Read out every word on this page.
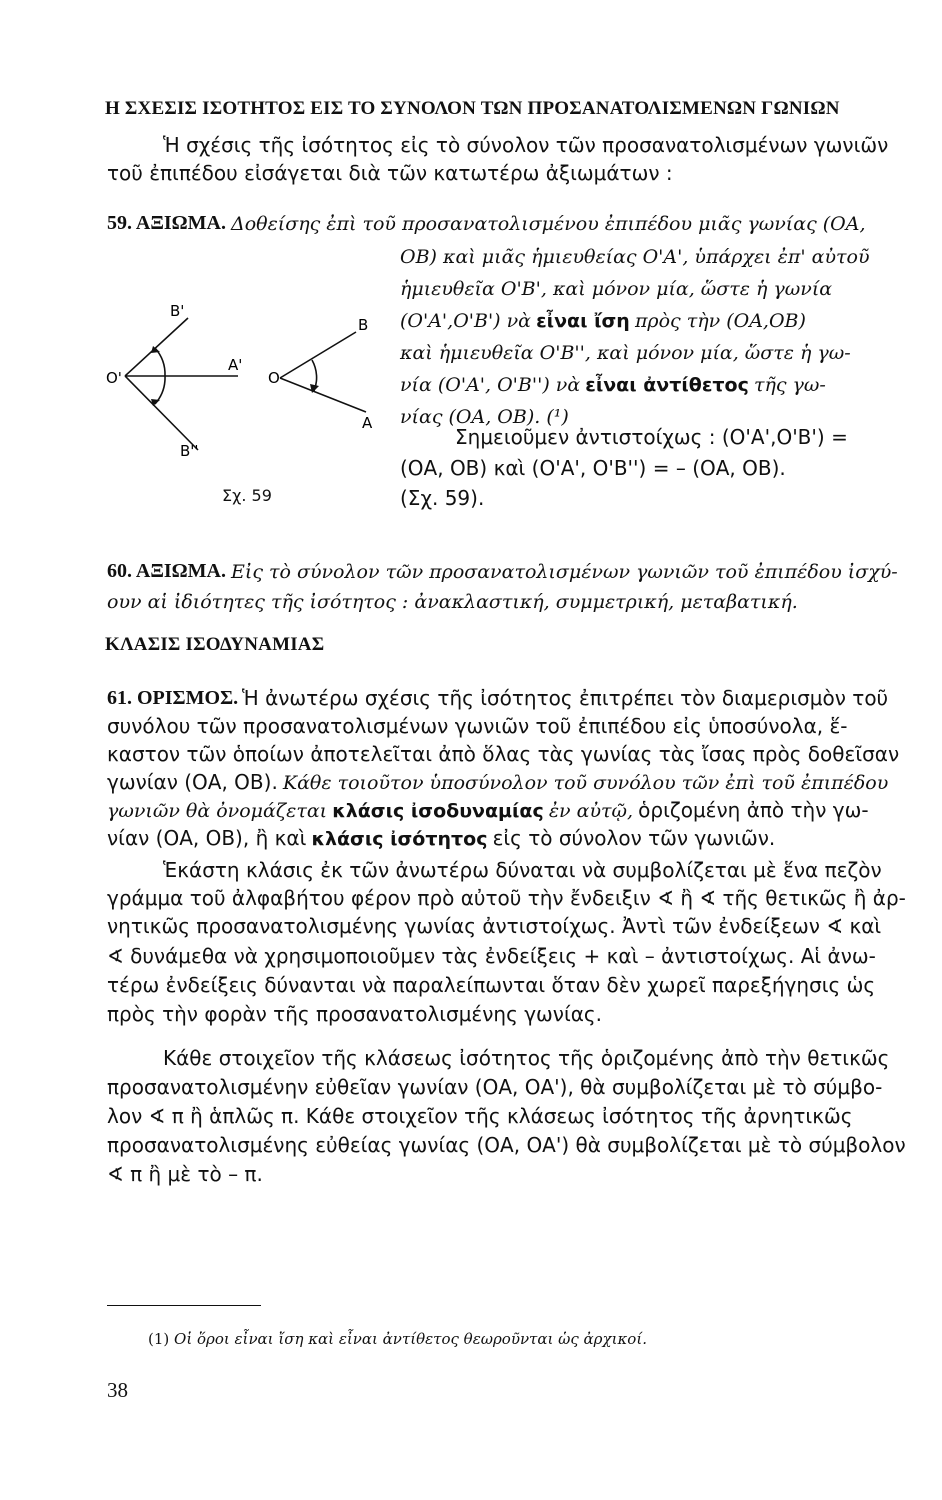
Η ΣΧΕΣΙΣ ΙΣΟΤΗΤΟΣ ΕΙΣ ΤΟ ΣΥΝΟΛΟΝ ΤΩΝ ΠΡΟΣΑΝΑΤΟΛΙΣΜΕΝΩΝ ΓΩΝΙΩΝ
Ἡ σχέσις τῆς ἰσότητος εἰς τὸ σύνολον τῶν προσανατολισμένων γωνιῶν
τοῦ ἐπιπέδου εἰσάγεται διὰ τῶν κατωτέρω ἀξιωμάτων :
59. ΑΞΙΩΜΑ. Δοθείσης ἐπὶ τοῦ προσανατολισμένου ἐπιπέδου μιᾶς γωνίας (ΟΑ,
ΟΒ) καὶ μιᾶς ἡμιευθείας Ο'Α', ὑπάρχει ἐπ' αὐτοῦ
ἡμιευθεῖα Ο'Β', καὶ μόνον μία, ὥστε ἡ γωνία
(Ο'Α',Ο'Β') νὰ εἶναι ἴση πρὸς τὴν (ΟΑ,ΟΒ)
καὶ ἡμιευθεῖα Ο'Β'', καὶ μόνον μία, ὥστε ἡ γω-
νία (Ο'Α', Ο'Β'') νὰ εἶναι ἀντίθετος τῆς γω-
νίας (ΟΑ, ΟΒ). (¹)
Σημειοῦμεν ἀντιστοίχως : (Ο'Α',Ο'Β') =
(ΟΑ, ΟΒ) καὶ (Ο'Α', Ο'Β'') = – (ΟΑ, ΟΒ).
(Σχ. 59).
B'
O'
A'
B''
B
O
A
Σχ. 59
60. ΑΞΙΩΜΑ. Εἰς τὸ σύνολον τῶν προσανατολισμένων γωνιῶν τοῦ ἐπιπέδου ἰσχύ-
ουν αἱ ἰδιότητες τῆς ἰσότητος : ἀνακλαστική, συμμετρική, μεταβατική.
ΚΛΑΣΙΣ ΙΣΟΔΥΝΑΜΙΑΣ
61. ΟΡΙΣΜΟΣ. Ἡ ἀνωτέρω σχέσις τῆς ἰσότητος ἐπιτρέπει τὸν διαμερισμὸν τοῦ
συνόλου τῶν προσανατολισμένων γωνιῶν τοῦ ἐπιπέδου εἰς ὑποσύνολα, ἕ-
καστον τῶν ὁποίων ἀποτελεῖται ἀπὸ ὅλας τὰς γωνίας τὰς ἴσας πρὸς δοθεῖσαν
γωνίαν (ΟΑ, ΟΒ). Κάθε τοιοῦτον ὑποσύνολον τοῦ συνόλου τῶν ἐπὶ τοῦ ἐπιπέδου
γωνιῶν θὰ ὀνομάζεται κλάσις ἰσοδυναμίας ἐν αὐτῷ, ὁριζομένη ἀπὸ τὴν γω-
νίαν (ΟΑ, ΟΒ), ἢ καὶ κλάσις ἰσότητος εἰς τὸ σύνολον τῶν γωνιῶν.
Ἑκάστη κλάσις ἐκ τῶν ἀνωτέρω δύναται νὰ συμβολίζεται μὲ ἕνα πεζὸν
γράμμα τοῦ ἀλφαβήτου φέρον πρὸ αὐτοῦ τὴν ἔνδειξιν ∢ ἢ ∢ τῆς θετικῶς ἢ ἀρ-
νητικῶς προσανατολισμένης γωνίας ἀντιστοίχως. Ἀντὶ τῶν ἐνδείξεων ∢ καὶ
∢ δυνάμεθα νὰ χρησιμοποιοῦμεν τὰς ἐνδείξεις + καὶ – ἀντιστοίχως. Αἱ ἀνω-
τέρω ἐνδείξεις δύνανται νὰ παραλείπωνται ὅταν δὲν χωρεῖ παρεξήγησις ὡς
πρὸς τὴν φορὰν τῆς προσανατολισμένης γωνίας.
Κάθε στοιχεῖον τῆς κλάσεως ἰσότητος τῆς ὁριζομένης ἀπὸ τὴν θετικῶς
προσανατολισμένην εὐθεῖαν γωνίαν (ΟΑ, ΟΑ'), θὰ συμβολίζεται μὲ τὸ σύμβο-
λον ∢ π ἢ ἁπλῶς π. Κάθε στοιχεῖον τῆς κλάσεως ἰσότητος τῆς ἀρνητικῶς
προσανατολισμένης εὐθείας γωνίας (ΟΑ, ΟΑ') θὰ συμβολίζεται μὲ τὸ σύμβολον
∢ π ἢ μὲ τὸ – π.
(1) Οἱ ὅροι εἶναι ἴση καὶ εἶναι ἀντίθετος θεωροῦνται ὡς ἀρχικοί.
38
